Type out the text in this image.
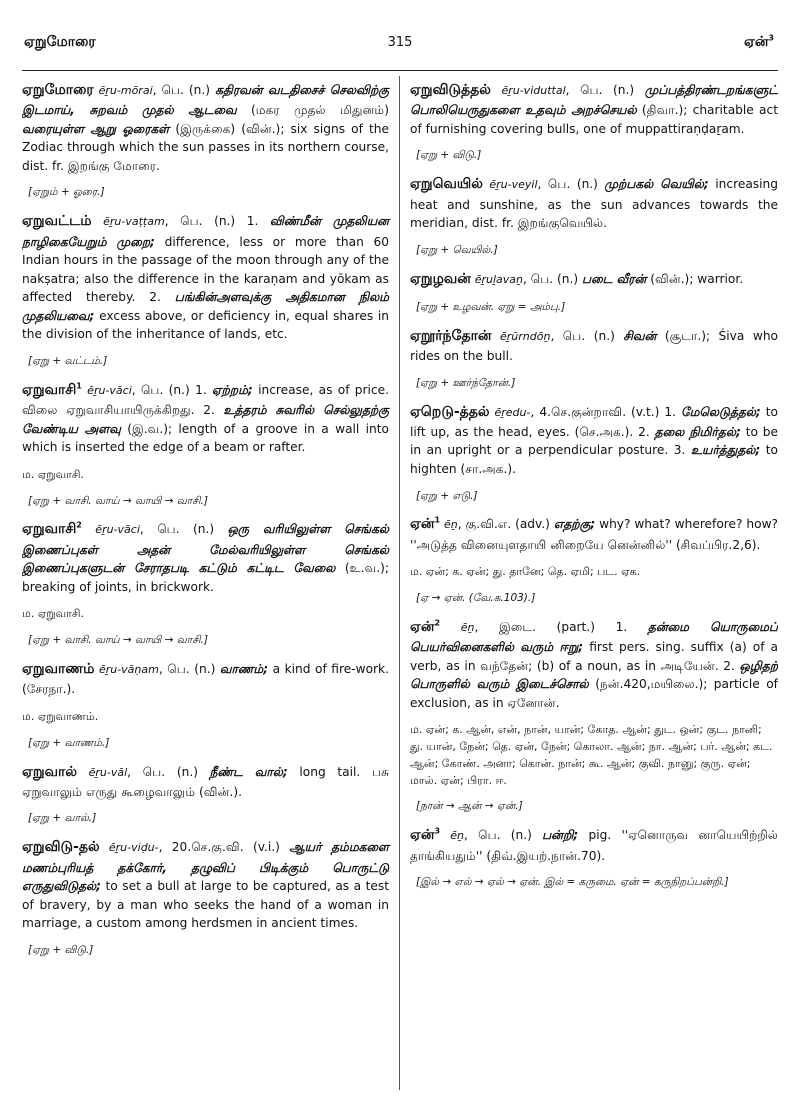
ஏறுமோரை	315	ஏன்$^3$

ஏறுமோரை ēṟu-mōrai, பெ. (n.) கதிரவன் வடதிசைச் செலவிற்கு இடமாய், சுறவம் முதல் ஆடவை (மகர முதல் மிதுனம்) வரையுள்ள ஆறு ஓரைகள் (இருக்கை) (வின்.); six signs of the Zodiac through which the sun passes in its northern course, dist. fr. இறங்கு மோரை.

[ஏறும் + ஓரை.]

ஏறுவட்டம் ēṟu-vaṭṭam, பெ. (n.) 1. விண்மீன் முதலியன நாழிகையேறும் முறை; difference, less or more than 60 Indian hours in the passage of the moon through any of the nakṣatra; also the difference in the karaṇam and yōkam as affected thereby. 2. பங்கின்அளவுக்கு அதிகமான நிலம் முதலியவை; excess above, or deficiency in, equal shares in the division of the inheritance of lands, etc.

[ஏறு + வட்டம்.]

ஏறுவாசி$^1$ ēṟu-vāci, பெ. (n.) 1. ஏற்றம்; increase, as of price. விலை ஏறுவாசியாயிருக்கிறது. 2. உத்தரம் சுவரில் செல்லுதற்கு வேண்டிய அளவு (இ.வ.); length of a groove in a wall into which is inserted the edge of a beam or rafter.

ம. ஏறுவாசி.

[ஏறு + வாசி. வாய் → வாயி → வாசி.]

ஏறுவாசி$^2$ ēṟu-vāci, பெ. (n.) ஒரு வரியிலுள்ள செங்கல் இணைப்புகள் அதன் மேல்வரியிலுள்ள செங்கல் இணைப்புகளுடன் சேராதபடி கட்டும் கட்டிட வேலை (உ.வ.); breaking of joints, in brickwork.

ம. ஏறுவாசி.

[ஏறு + வாசி. வாய் → வாயி → வாசி.]

ஏறுவாணம் ēṟu-vāṇam, பெ. (n.) வாணம்; a kind of fire-work. (சேரநா.).

ம. ஏறுவாணம்.

[ஏறு + வாணம்.]

ஏறுவால் ēṟu-vāl, பெ. (n.) நீண்ட வால்; long tail. பசு ஏறுவாலும் எருது கூழைவாலும் (வின்.).

[ஏறு + வால்.]

ஏறுவிடு-தல் ēṟu-viḍu-, 20.செ.கு.வி. (v.i.) ஆயர் தம்மகளை மணம்புரியத் தக்கோர், தழுவிப் பிடிக்கும் பொருட்டு எருதுவிடுதல்; to set a bull at large to be captured, as a test of bravery, by a man who seeks the hand of a woman in marriage, a custom among herdsmen in ancient times.

[ஏறு + விடு.]

ஏறுவிடுத்தல் ēṟu-viduttal, பெ. (n.) முப்பத்திரண்டறங்களுட் பொலியெருதுகளை உதவும் அறச்செயல் (திவா.); charitable act of furnishing covering bulls, one of muppattiraṇḍaṟam.

[ஏறு + விடு.]

ஏறுவெயில் ēṟu-veyil, பெ. (n.) முற்பகல் வெயில்; increasing heat and sunshine, as the sun advances towards the meridian, dist. fr. இறங்குவெயில்.

[ஏறு + வெயில்.]

ஏறுழவன் ēṟuḻavaṉ, பெ. (n.) படை வீரன் (வின்.); warrior.

[ஏறு + உழவன். ஏறு = அம்பு.]

ஏறூர்ந்தோன் ēṟūrndōṉ, பெ. (n.) சிவன் (சூடா.); Śiva who rides on the bull.

[ஏறு + ஊர்ந்தோன்.]

ஏறெடு-த்தல் ēṟedu-, 4.செ.குன்றாவி. (v.t.) 1. மேலெடுத்தல்; to lift up, as the head, eyes. (செ.அக.). 2. தலை நிமிர்தல்; to be in an upright or a perpendicular posture. 3. உயர்த்துதல்; to highten (சா.அக.).

[ஏறு + எடு.]

ஏன்$^1$ ēṉ, கு.வி.எ. (adv.) எதற்கு; why? what? wherefore? how? ''அடுத்த வினையுளதாயி னிறையே னென்னில்'' (சிவப்பிர.2,6).

ம. ஏன்; க. ஏன்; து. தானே; தெ. ஏமி; பட. ஏக.

[ஏ → ஏன். (வே.க.103).]

ஏன்$^2$ ēṉ, இடை. (part.) 1. தன்மை யொருமைப் பெயர்வினைகளில் வரும் ஈறு; first pers. sing. suffix (a) of a verb, as in வந்தேன்; (b) of a noun, as in அடியேன். 2. ஒழிதற் பொருளில் வரும் இடைச்சொல் (நன்.420,மயிலை.); particle of exclusion, as in ஏனோன்.

ம. ஏன்; க. ஆன், என், நான், யான்; கோத. ஆன்; துட. ஒன்; குட. நானி; து. யான், நேன்; தெ. ஏன், நேன்; கொலா. ஆன்; நா. ஆன்; பர். ஆன்; கட. ஆன்; கோண். அனா; கொன். நான்; கூ. ஆன்; குவி. நானு; குரு. ஏன்; மால். ஏன்; பிரா. ஈ.

[நான் → ஆன் → ஏன்.]

ஏன்$^3$ ēṉ, பெ. (n.) பன்றி; pig. ''ஏனொருவ னாயெயிற்றில் தாங்கியதும்'' (திவ்.இயற்.நான்.70).

[இல் → எல் → ஏல் → ஏன். இல் = கருமை. ஏன் = கருநிறப்பன்றி.]
